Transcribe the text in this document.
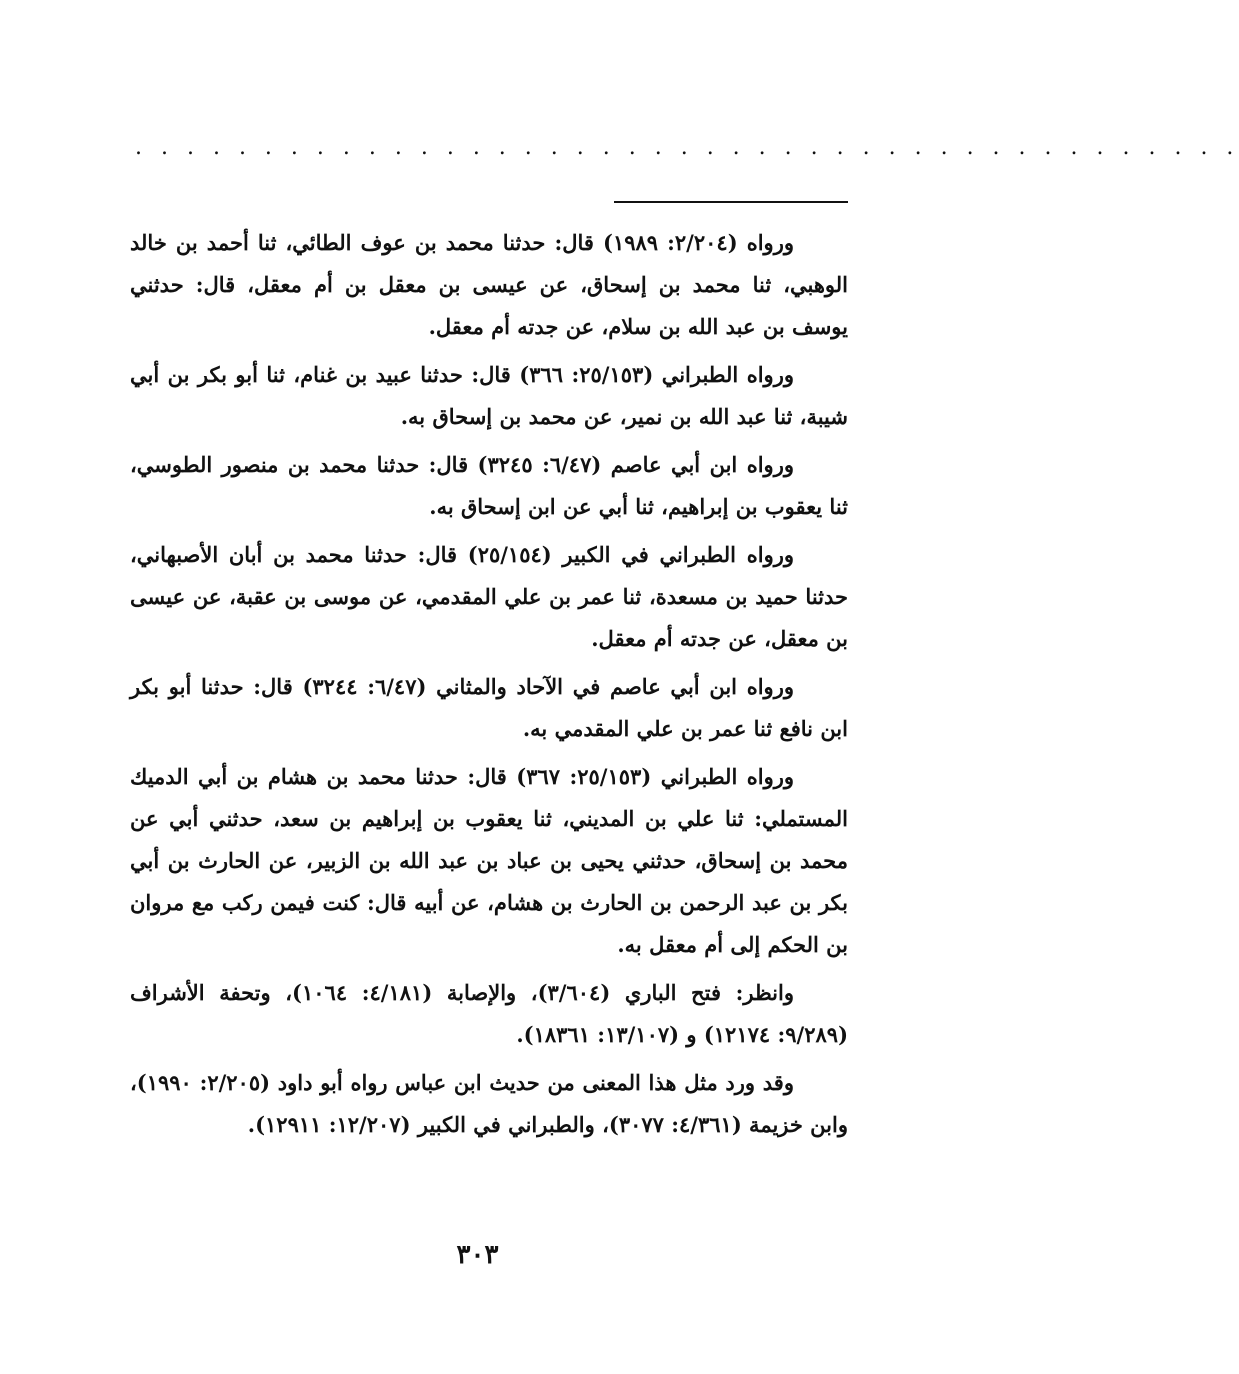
. . . . . . . . . . . . . . . . . . . . . . . . . . . . . . . . . . . . . . . . . . .

ورواه (٢/٢٠٤: ١٩٨٩) قال: حدثنا محمد بن عوف الطائي، ثنا أحمد بن خالد الوهبي، ثنا محمد بن إسحاق، عن عيسى بن معقل بن أم معقل، قال: حدثني يوسف بن عبد الله بن سلام، عن جدته أم معقل.

ورواه الطبراني (٢٥/١٥٣: ٣٦٦) قال: حدثنا عبيد بن غنام، ثنا أبو بكر بن أبي شيبة، ثنا عبد الله بن نمير، عن محمد بن إسحاق به.

ورواه ابن أبي عاصم (٦/٤٧: ٣٢٤٥) قال: حدثنا محمد بن منصور الطوسي، ثنا يعقوب بن إبراهيم، ثنا أبي عن ابن إسحاق به.

ورواه الطبراني في الكبير (٢٥/١٥٤) قال: حدثنا محمد بن أبان الأصبهاني، حدثنا حميد بن مسعدة، ثنا عمر بن علي المقدمي، عن موسى بن عقبة، عن عيسى بن معقل، عن جدته أم معقل.

ورواه ابن أبي عاصم في الآحاد والمثاني (٦/٤٧: ٣٢٤٤) قال: حدثنا أبو بكر ابن نافع ثنا عمر بن علي المقدمي به.

ورواه الطبراني (٢٥/١٥٣: ٣٦٧) قال: حدثنا محمد بن هشام بن أبي الدميك المستملي: ثنا علي بن المديني، ثنا يعقوب بن إبراهيم بن سعد، حدثني أبي عن محمد بن إسحاق، حدثني يحيى بن عباد بن عبد الله بن الزبير، عن الحارث بن أبي بكر بن عبد الرحمن بن الحارث بن هشام، عن أبيه قال: كنت فيمن ركب مع مروان بن الحكم إلى أم معقل به.

وانظر: فتح الباري (٣/٦٠٤)، والإصابة (٤/١٨١: ١٠٦٤)، وتحفة الأشراف (٩/٢٨٩: ١٢١٧٤) و (١٣/١٠٧: ١٨٣٦١).

وقد ورد مثل هذا المعنى من حديث ابن عباس رواه أبو داود (٢/٢٠٥: ١٩٩٠)، وابن خزيمة (٤/٣٦١: ٣٠٧٧)، والطبراني في الكبير (١٢/٢٠٧: ١٢٩١١).

٣٠٣
